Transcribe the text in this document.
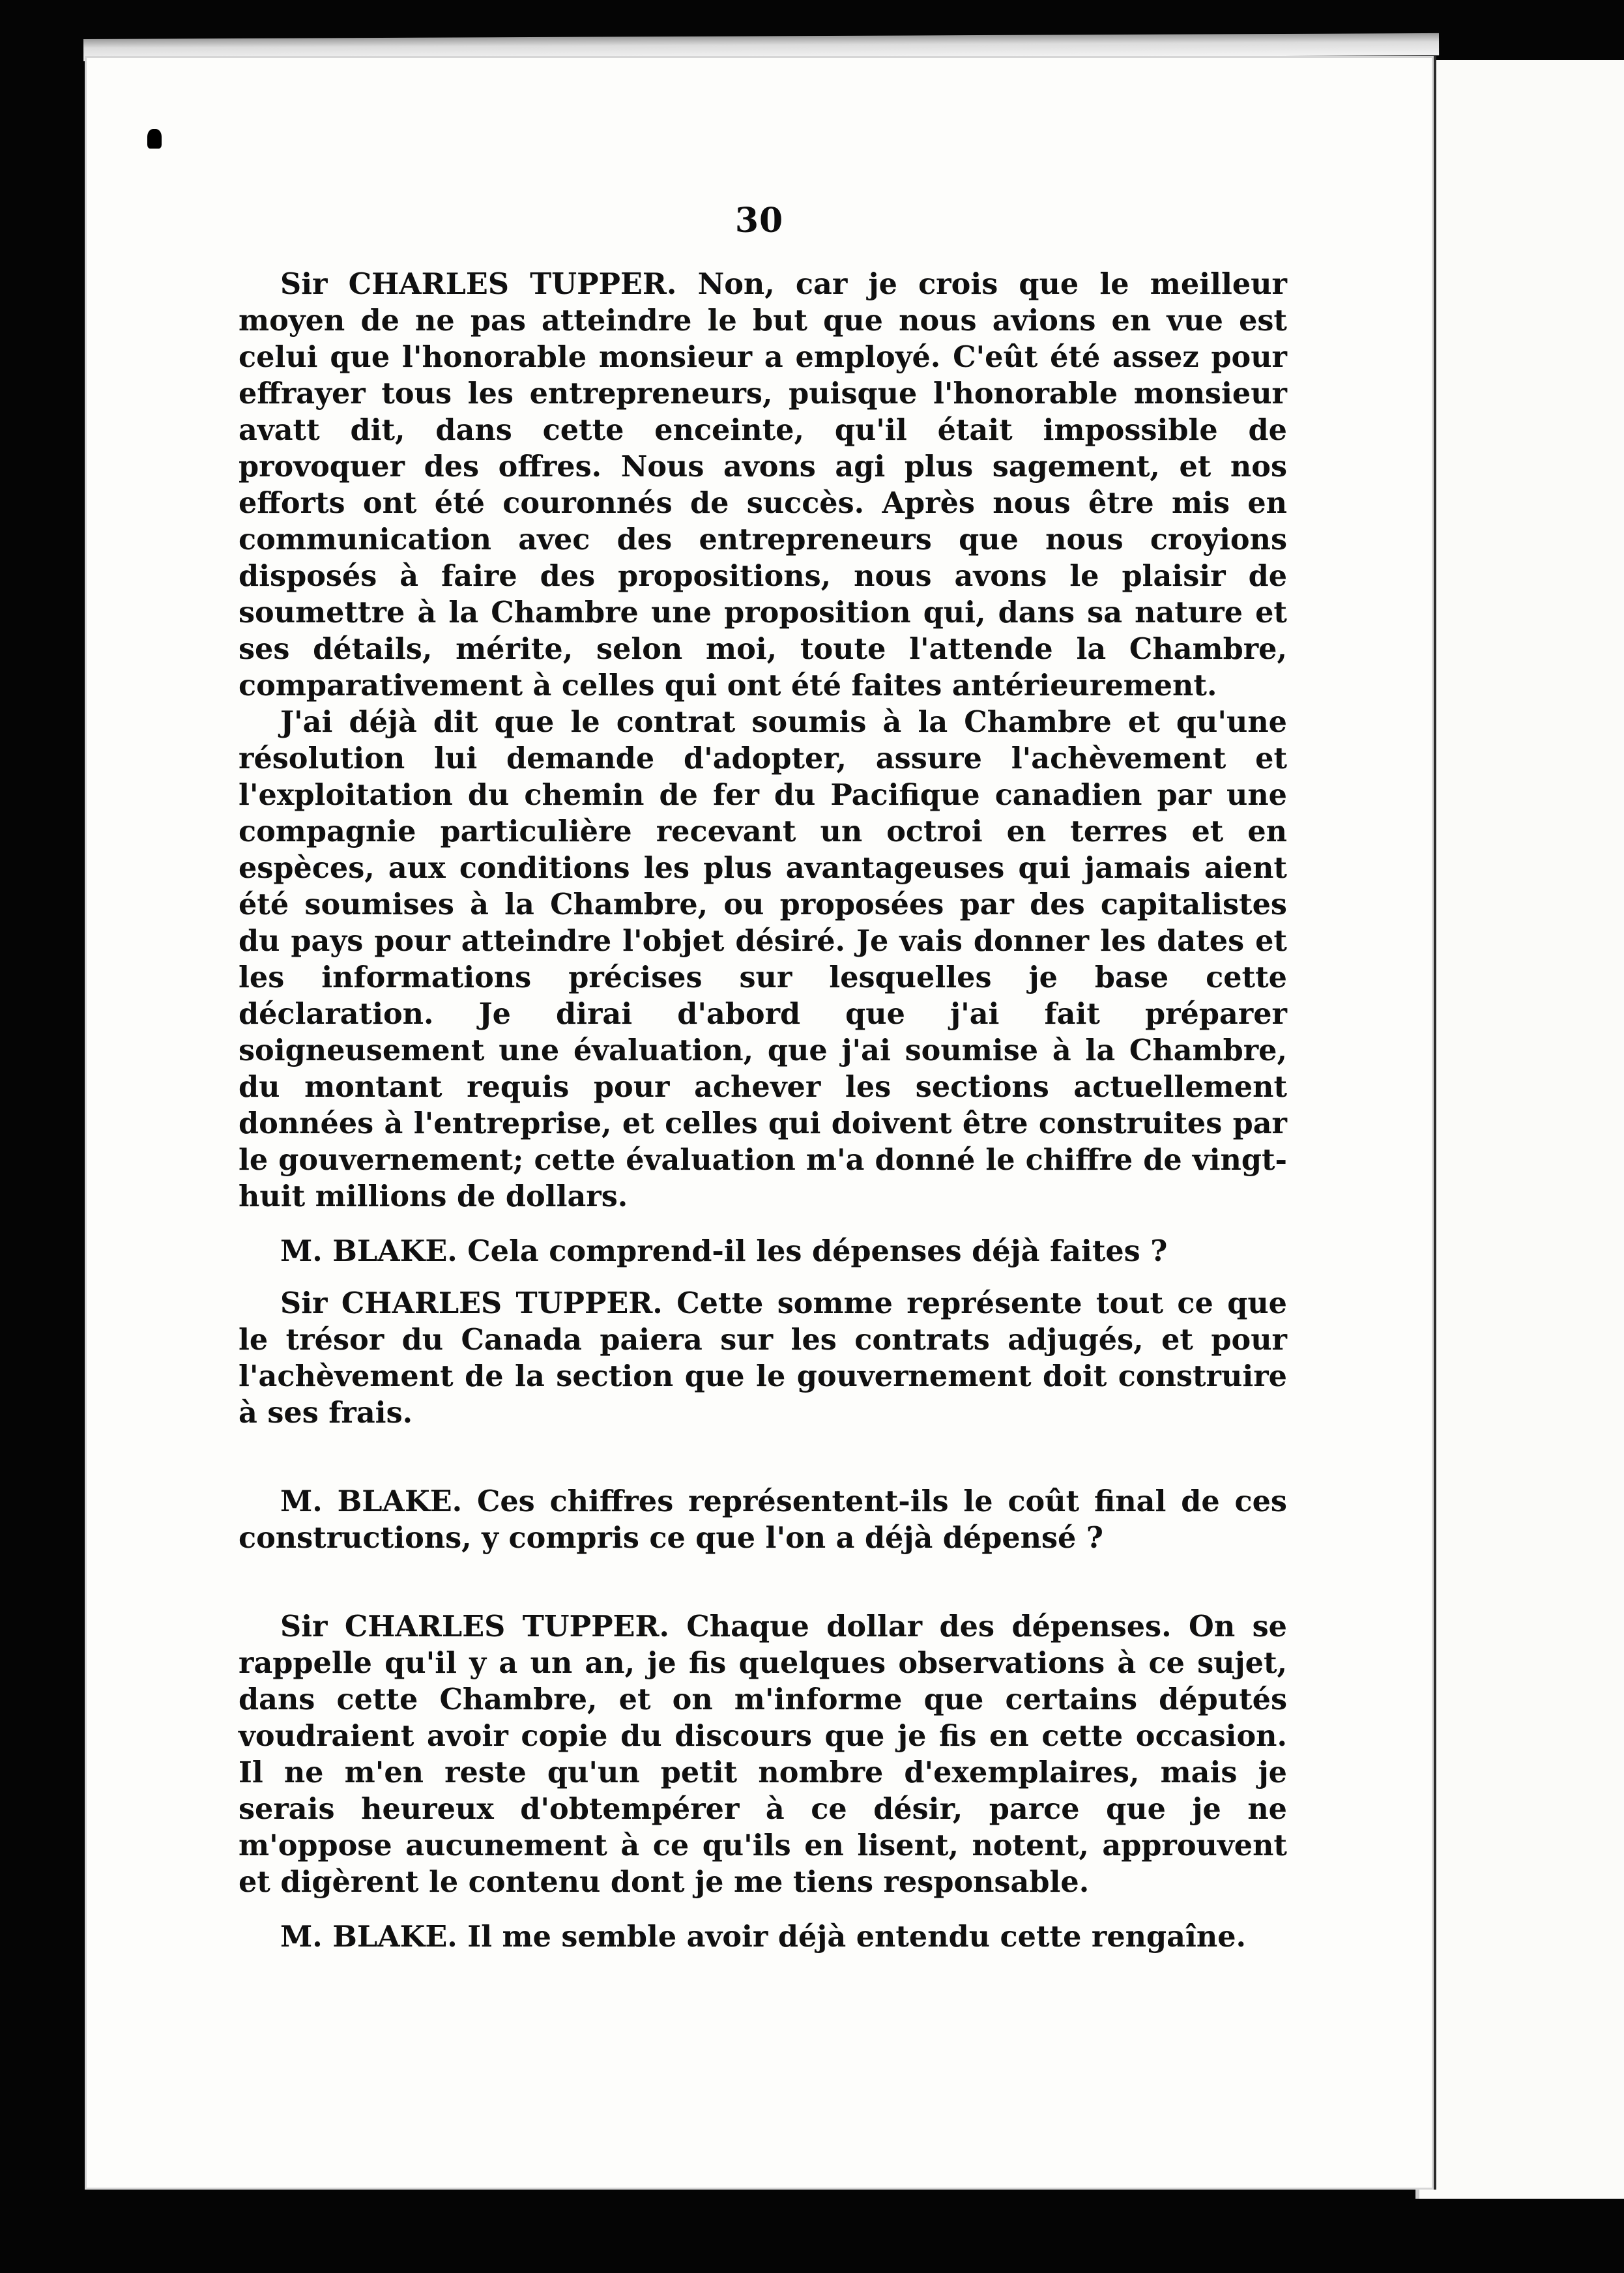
30

Sir CHARLES TUPPER. Non, car je crois que le meilleur moyen de ne pas atteindre le but que nous avions en vue est celui que l'honorable monsieur a employé. C'eût été assez pour effrayer tous les entrepreneurs, puisque l'honorable monsieur avatt dit, dans cette enceinte, qu'il était impossible de provoquer des offres. Nous avons agi plus sagement, et nos efforts ont été couronnés de succès. Après nous être mis en communication avec des entrepreneurs que nous croyions disposés à faire des propositions, nous avons le plaisir de soumettre à la Chambre une proposition qui, dans sa nature et ses détails, mérite, selon moi, toute l'attende la Chambre, comparativement à celles qui ont été faites antérieurement.

J'ai déjà dit que le contrat soumis à la Chambre et qu'une résolution lui demande d'adopter, assure l'achèvement et l'exploitation du chemin de fer du Pacifique canadien par une compagnie particulière recevant un octroi en terres et en espèces, aux conditions les plus avantageuses qui jamais aient été soumises à la Chambre, ou proposées par des capitalistes du pays pour atteindre l'objet désiré. Je vais donner les dates et les informations précises sur lesquelles je base cette déclaration. Je dirai d'abord que j'ai fait préparer soigneusement une évaluation, que j'ai soumise à la Chambre, du montant requis pour achever les sections actuellement données à l'entreprise, et celles qui doivent être construites par le gouvernement; cette évaluation m'a donné le chiffre de vingt-huit millions de dollars.

M. BLAKE. Cela comprend-il les dépenses déjà faites ?

Sir CHARLES TUPPER. Cette somme représente tout ce que le trésor du Canada paiera sur les contrats adjugés, et pour l'achèvement de la section que le gouvernement doit construire à ses frais.

M. BLAKE. Ces chiffres représentent-ils le coût final de ces constructions, y compris ce que l'on a déjà dépensé ?

Sir CHARLES TUPPER. Chaque dollar des dépenses. On se rappelle qu'il y a un an, je fis quelques observations à ce sujet, dans cette Chambre, et on m'informe que certains députés voudraient avoir copie du discours que je fis en cette occasion. Il ne m'en reste qu'un petit nombre d'exemplaires, mais je serais heureux d'obtempérer à ce désir, parce que je ne m'oppose aucunement à ce qu'ils en lisent, notent, approuvent et digèrent le contenu dont je me tiens responsable.

M. BLAKE. Il me semble avoir déjà entendu cette rengaîne.
